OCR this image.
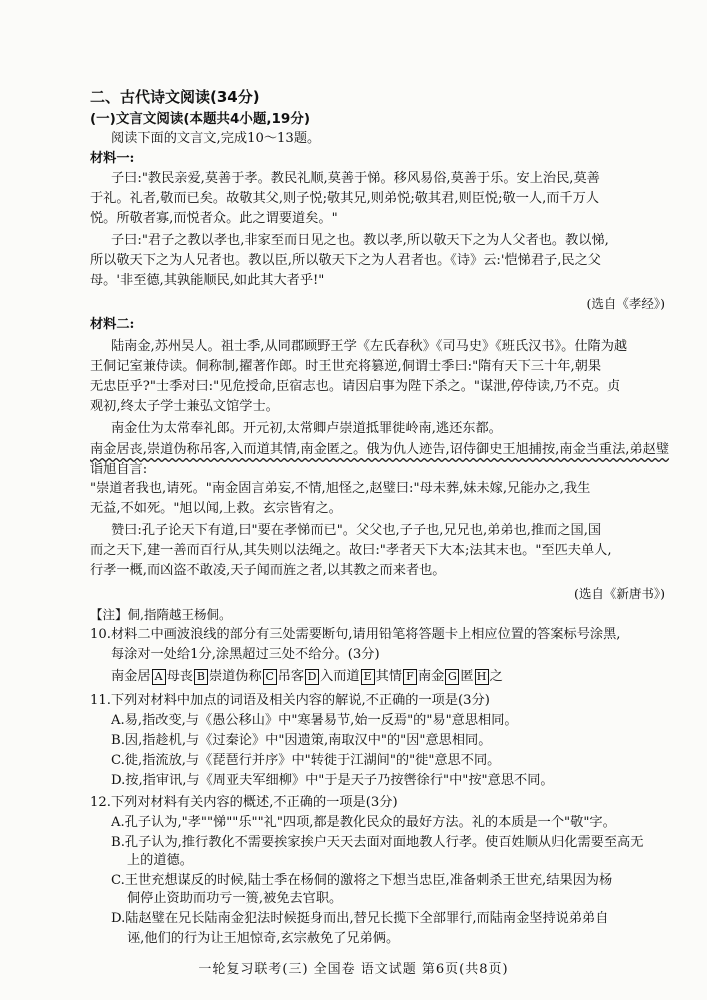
二、古代诗文阅读(34分)
(一)文言文阅读(本题共4小题,19分)
阅读下面的文言文,完成10～13题。
材料一:
子曰:"教民亲爱,莫善于孝。教民礼顺,莫善于悌。移风易俗,莫善于乐。安上治民,莫善
于礼。礼者,敬而已矣。故敬其父,则子悦;敬其兄,则弟悦;敬其君,则臣悦;敬一人,而千万人
悦。所敬者寡,而悦者众。此之谓要道矣。"
子曰:"君子之教以孝也,非家至而日见之也。教以孝,所以敬天下之为人父者也。教以悌,
所以敬天下之为人兄者也。教以臣,所以敬天下之为人君者也。《诗》云:'恺悌君子,民之父
母。'非至德,其孰能顺民,如此其大者乎!"
(选自《孝经》)
材料二:
陆南金,苏州吴人。祖士季,从同郡顾野王学《左氏春秋》《司马史》《班氏汉书》。仕隋为越
王侗记室兼侍读。侗称制,擢著作郎。时王世充将篡逆,侗谓士季曰:"隋有天下三十年,朝果
无忠臣乎?"士季对曰:"见危授命,臣宿志也。请因启事为陛下杀之。"谋泄,停侍读,乃不克。贞
观初,终太子学士兼弘文馆学士。
南金仕为太常奉礼郎。开元初,太常卿卢崇道抵罪徙岭南,逃还东都。
南金居丧,崇道伪称吊客,入而道其情,南金匿之。俄为仇人迹告,诏侍御史王旭捕按,南金当重法,弟赵璧诣旭自言:
"崇道者我也,请死。"南金固言弟妄,不情,旭怪之,赵璧曰:"母未葬,妹未嫁,兄能办之,我生
无益,不如死。"旭以闻,上救。玄宗皆宥之。
赞曰:孔子论天下有道,曰"要在孝悌而已"。父父也,子子也,兄兄也,弟弟也,推而之国,国
而之天下,建一善而百行从,其失则以法绳之。故曰:"孝者天下大本;法其末也。"至匹夫单人,
行孝一概,而凶盗不敢凌,天子闻而旌之者,以其教之而来者也。
(选自《新唐书》)
【注】侗,指隋越王杨侗。
10.材料二中画波浪线的部分有三处需要断句,请用铅笔将答题卡上相应位置的答案标号涂黑,
每涂对一处给1分,涂黑超过三处不给分。(3分)
南金居 A 母丧 B 崇道伪称 C 吊客 D 入而道 E 其情 F 南金 G 匿 H 之
11.下列对材料中加点的词语及相关内容的解说,不正确的一项是(3分)
A.易,指改变,与《愚公移山》中"寒暑易节,始一反焉"的"易"意思相同。
B.因,指趁机,与《过秦论》中"因遗策,南取汉中"的"因"意思相同。
C.徙,指流放,与《琵琶行并序》中"转徙于江湖间"的"徙"意思不同。
D.按,指审讯,与《周亚夫军细柳》中"于是天子乃按辔徐行"中"按"意思不同。
12.下列对材料有关内容的概述,不正确的一项是(3分)
A.孔子认为,"孝""悌""乐""礼"四项,都是教化民众的最好方法。礼的本质是一个"敬"字。
B.孔子认为,推行教化不需要挨家挨户天天去面对面地教人行孝。使百姓顺从归化需要至高无
上的道德。
C.王世充想谋反的时候,陆士季在杨侗的激将之下想当忠臣,准备刺杀王世充,结果因为杨
侗停止资助而功亏一篑,被免去官职。
D.陆赵璧在兄长陆南金犯法时候挺身而出,替兄长揽下全部罪行,而陆南金坚持说弟弟自
一轮复习联考(三) 全国卷 语文试题 第6页(共8页)
诬,他们的行为让王旭惊奇,玄宗赦免了兄弟俩。
